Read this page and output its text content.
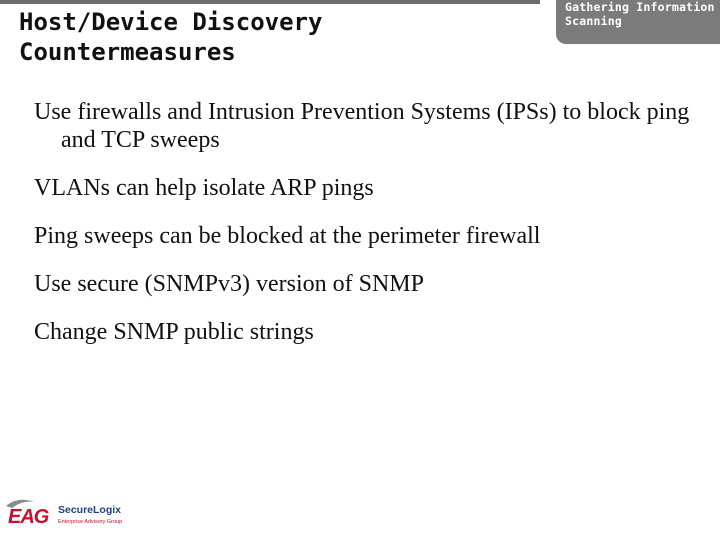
Host/Device Discovery
Countermeasures
Gathering Information
Scanning
Use firewalls and Intrusion Prevention Systems (IPSs) to block ping and TCP sweeps
VLANs can help isolate ARP pings
Ping sweeps can be blocked at the perimeter firewall
Use secure (SNMPv3) version of SNMP
Change SNMP public strings
EAG SecureLogix
Enterprise Advisory Group
